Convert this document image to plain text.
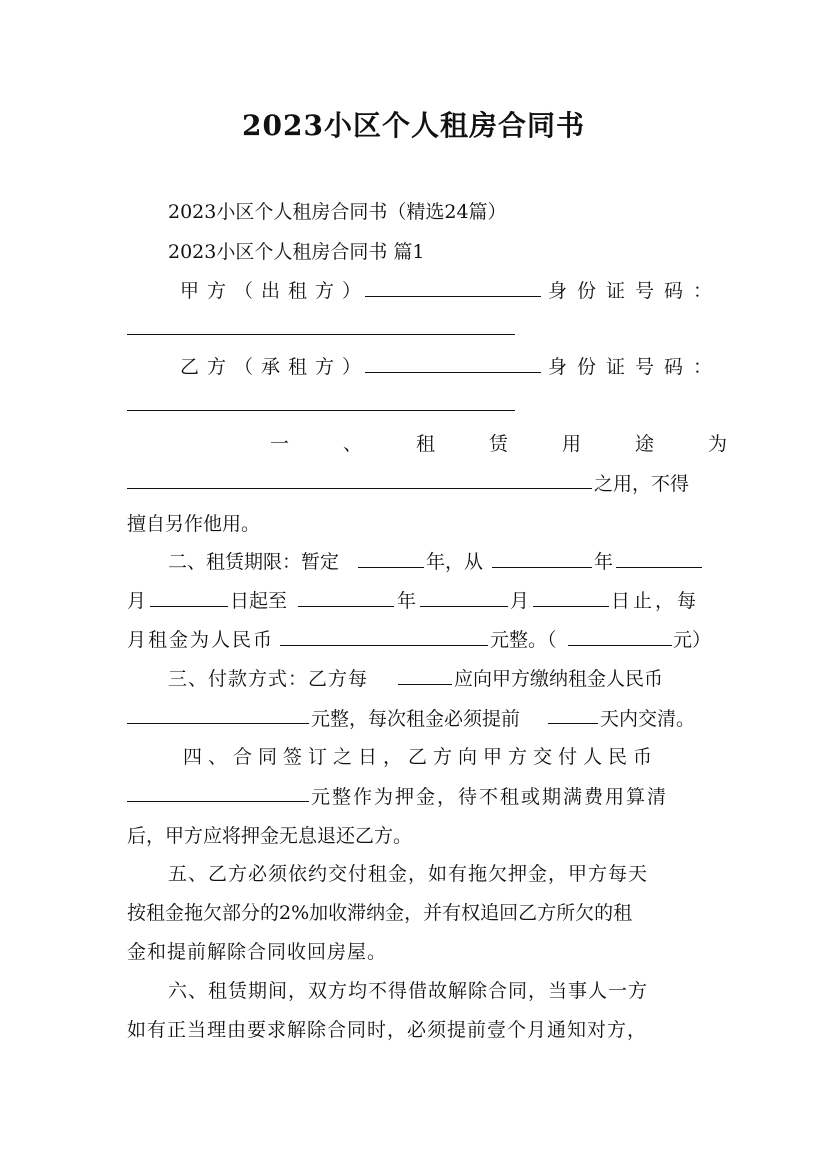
2023小区个人租房合同书
2023小区个人租房合同书（精选24篇）
2023小区个人租房合同书 篇1
甲方（出租方）	身份证号码：
乙方（承租方）	身份证号码：
一、租赁用途为
之用，不得
擅自另作他用。
二、租赁期限：暂定	年，从	年
月	日起至	年	月	日止，每
月租金为人民币	元整。（	元）
三、付款方式：乙方每	应向甲方缴纳租金人民币
元整，每次租金必须提前	天内交清。
四、合同签订之日，乙方向甲方交付人民币
元整作为押金，待不租或期满费用算清
后，甲方应将押金无息退还乙方。
五、乙方必须依约交付租金，如有拖欠押金，甲方每天
按租金拖欠部分的2%加收滞纳金，并有权追回乙方所欠的租
金和提前解除合同收回房屋。
六、租赁期间，双方均不得借故解除合同，当事人一方
如有正当理由要求解除合同时，必须提前壹个月通知对方，
